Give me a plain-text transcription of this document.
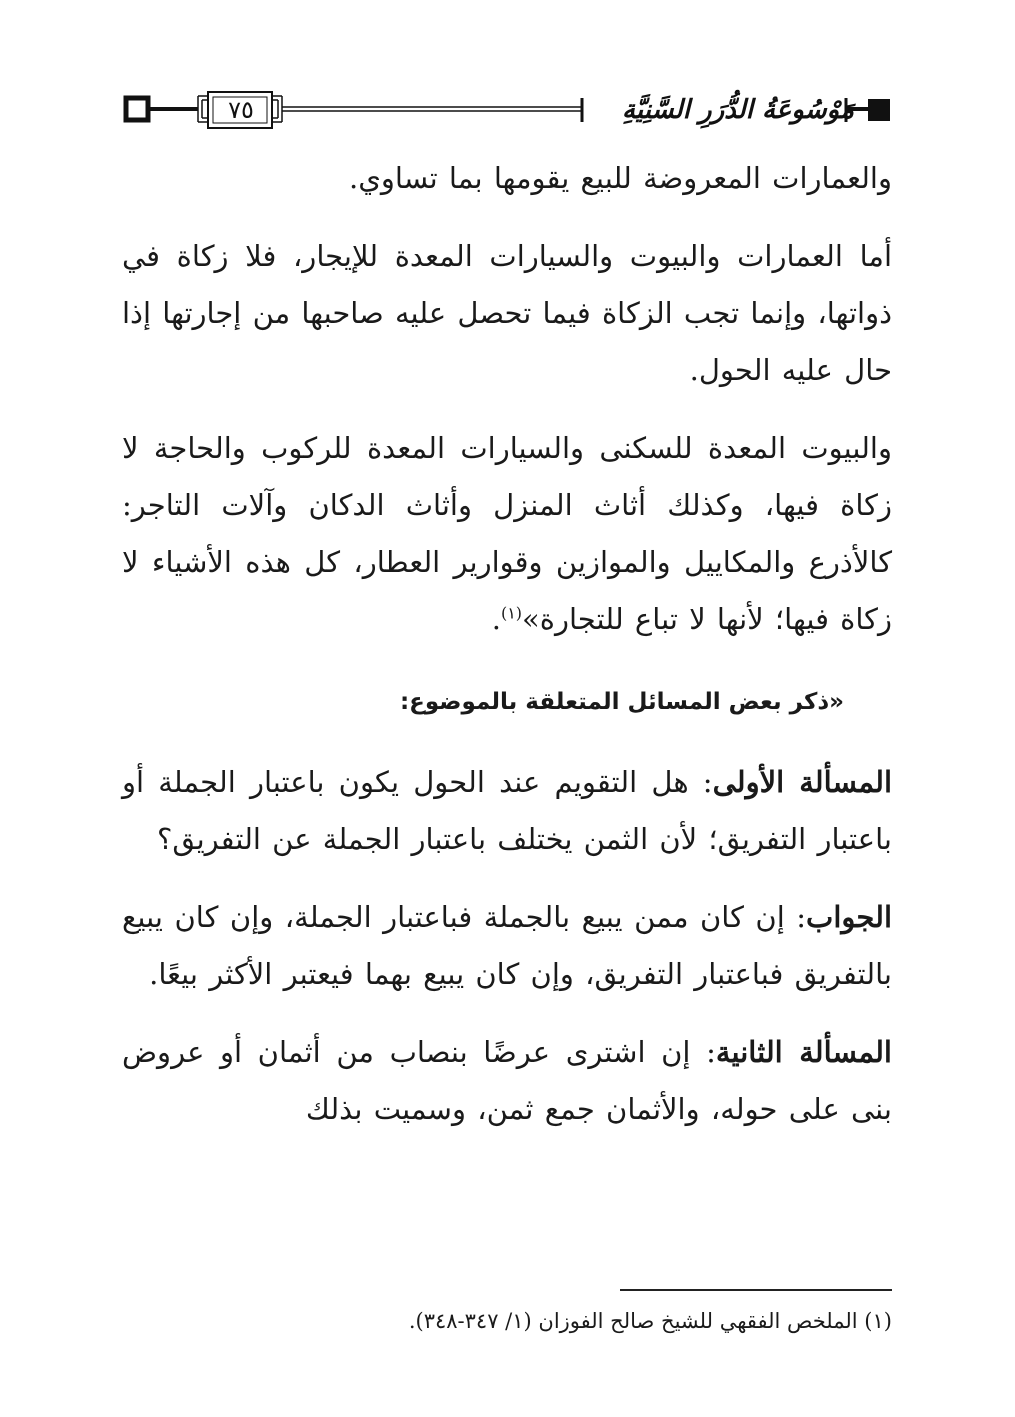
مَوْسُوعَةُ الدُّرَرِ السَّنِيَّةِ
٧٥

والعمارات المعروضة للبيع يقومها بما تساوي.

أما العمارات والبيوت والسيارات المعدة للإيجار، فلا زكاة في ذواتها، وإنما تجب الزكاة فيما تحصل عليه صاحبها من إجارتها إذا حال عليه الحول.

والبيوت المعدة للسكنى والسيارات المعدة للركوب والحاجة لا زكاة فيها، وكذلك أثاث المنزل وأثاث الدكان وآلات التاجر: كالأذرع والمكاييل والموازين وقوارير العطار، كل هذه الأشياء لا زكاة فيها؛ لأنها لا تباع للتجارة»$^{(١)}$.

«ذكر بعض المسائل المتعلقة بالموضوع:

المسألة الأولى: هل التقويم عند الحول يكون باعتبار الجملة أو باعتبار التفريق؛ لأن الثمن يختلف باعتبار الجملة عن التفريق؟

الجواب: إن كان ممن يبيع بالجملة فباعتبار الجملة، وإن كان يبيع بالتفريق فباعتبار التفريق، وإن كان يبيع بهما فيعتبر الأكثر بيعًا.

المسألة الثانية: إن اشترى عرضًا بنصاب من أثمان أو عروض بنى على حوله، والأثمان جمع ثمن، وسميت بذلك

(١) الملخص الفقهي للشيخ صالح الفوزان (١/ ٣٤٧-٣٤٨).
